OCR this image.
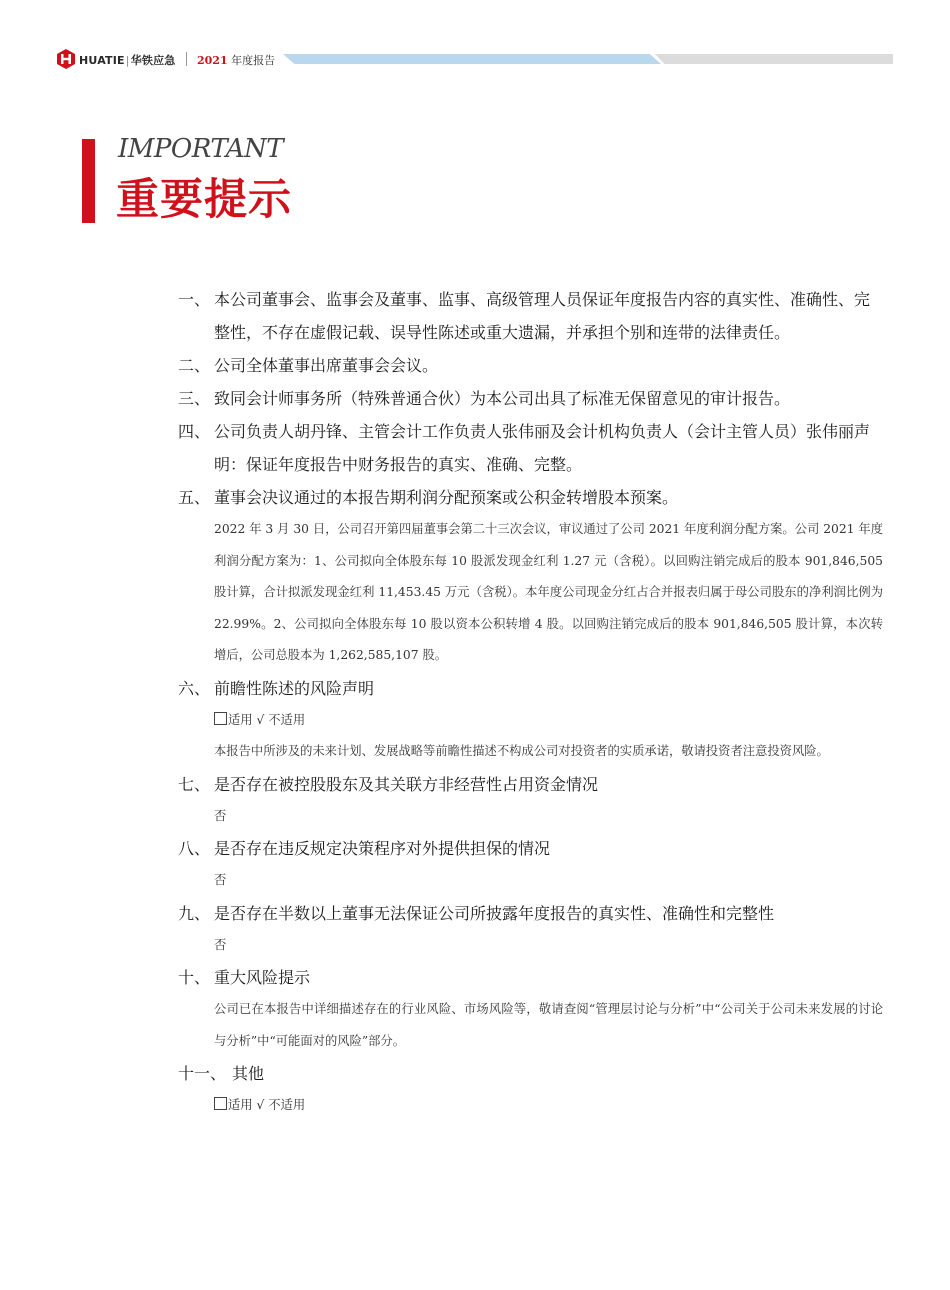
HUATIE|华铁应急 2021 年度报告
IMPORTANT
重要提示
一、 本公司董事会、监事会及董事、监事、高级管理人员保证年度报告内容的真实性、准确性、完整性，不存在虚假记载、误导性陈述或重大遗漏，并承担个别和连带的法律责任。
二、 公司全体董事出席董事会会议。
三、 致同会计师事务所（特殊普通合伙）为本公司出具了标准无保留意见的审计报告。
四、 公司负责人胡丹锋、主管会计工作负责人张伟丽及会计机构负责人（会计主管人员）张伟丽声明：保证年度报告中财务报告的真实、准确、完整。
五、 董事会决议通过的本报告期利润分配预案或公积金转增股本预案。
2022 年 3 月 30 日，公司召开第四届董事会第二十三次会议，审议通过了公司 2021 年度利润分配方案。公司 2021 年度利润分配方案为：1、公司拟向全体股东每 10 股派发现金红利 1.27 元（含税）。以回购注销完成后的股本 901,846,505 股计算，合计拟派发现金红利 11,453.45 万元（含税）。本年度公司现金分红占合并报表归属于母公司股东的净利润比例为 22.99%。2、公司拟向全体股东每 10 股以资本公积转增 4 股。以回购注销完成后的股本 901,846,505 股计算，本次转增后，公司总股本为 1,262,585,107 股。
六、 前瞻性陈述的风险声明
适用 √ 不适用
本报告中所涉及的未来计划、发展战略等前瞻性描述不构成公司对投资者的实质承诺，敬请投资者注意投资风险。
七、 是否存在被控股股东及其关联方非经营性占用资金情况
否
八、 是否存在违反规定决策程序对外提供担保的情况
否
九、 是否存在半数以上董事无法保证公司所披露年度报告的真实性、准确性和完整性
否
十、 重大风险提示
公司已在本报告中详细描述存在的行业风险、市场风险等，敬请查阅“管理层讨论与分析”中“公司关于公司未来发展的讨论与分析”中“可能面对的风险”部分。
十一、 其他
适用 √ 不适用
